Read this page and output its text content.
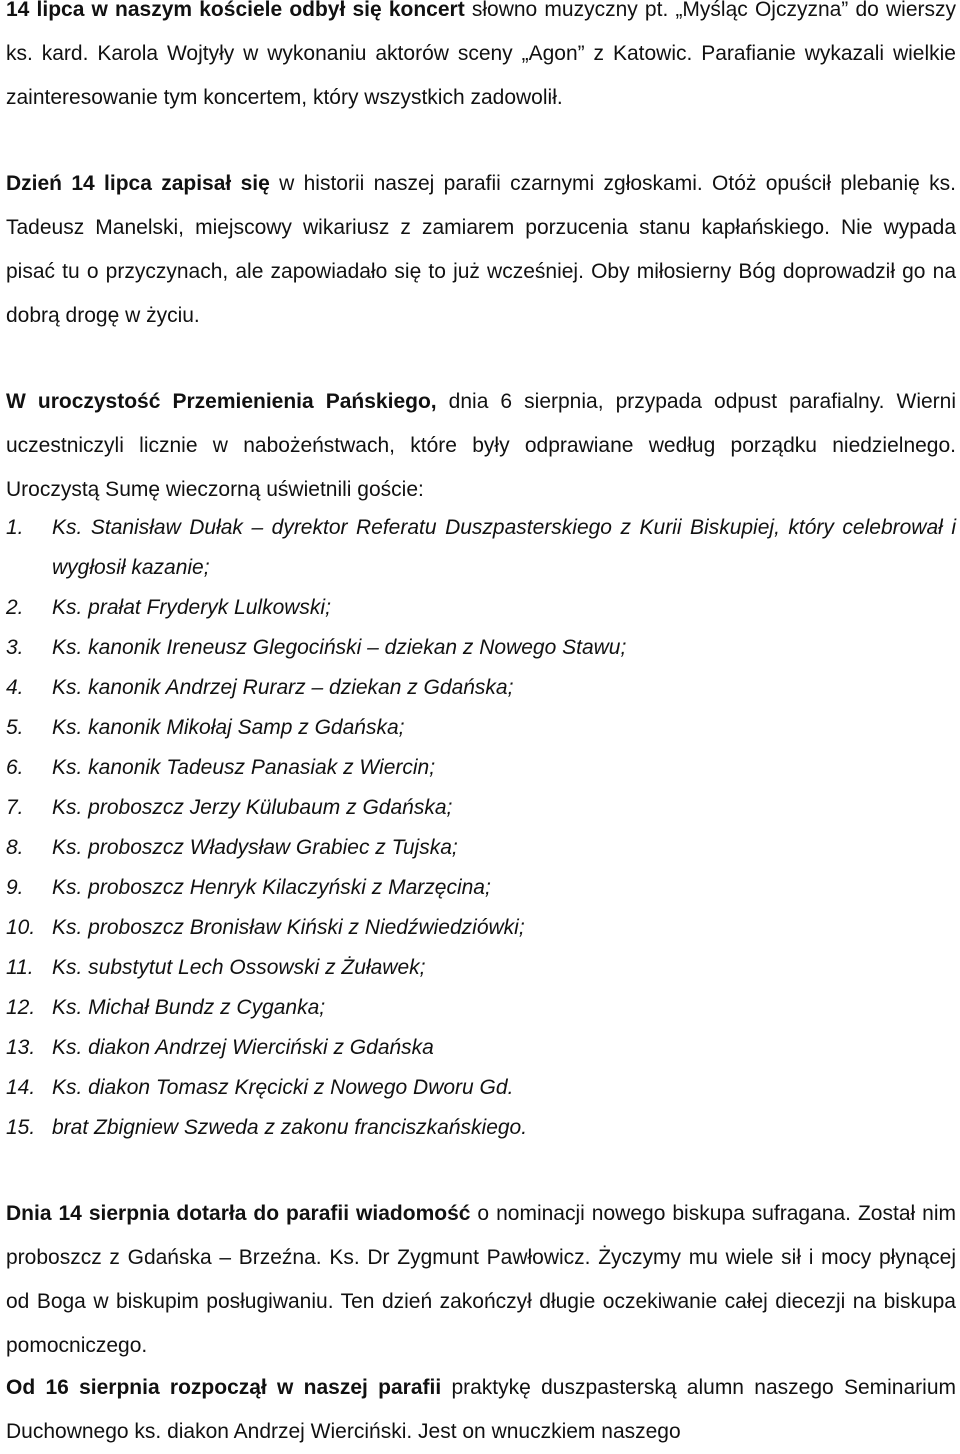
14 lipca w naszym kościele odbył się koncert słowno muzyczny pt. „Myśląc Ojczyzna” do wierszy ks. kard. Karola Wojtyły w wykonaniu aktorów sceny „Agon” z Katowic. Parafianie wykazali wielkie zainteresowanie tym koncertem, który wszystkich zadowolił.

Dzień 14 lipca zapisał się w historii naszej parafii czarnymi zgłoskami. Otóż opuścił plebanię ks. Tadeusz Manelski, miejscowy wikariusz z zamiarem porzucenia stanu kapłańskiego. Nie wypada pisać tu o przyczynach, ale zapowiadało się to już wcześniej. Oby miłosierny Bóg doprowadził go na dobrą drogę w życiu.

W uroczystość Przemienienia Pańskiego, dnia 6 sierpnia, przypada odpust parafialny. Wierni uczestniczyli licznie w nabożeństwach, które były odprawiane według porządku niedzielnego. Uroczystą Sumę wieczorną uświetnili goście:

1.	Ks. Stanisław Dułak – dyrektor Referatu Duszpasterskiego z Kurii Biskupiej, który celebrował i wygłosił kazanie;
2.	Ks. prałat Fryderyk Lulkowski;
3.	Ks. kanonik Ireneusz Glegociński – dziekan z Nowego Stawu;
4.	Ks. kanonik Andrzej Rurarz – dziekan z Gdańska;
5.	Ks. kanonik Mikołaj Samp z Gdańska;
6.	Ks. kanonik Tadeusz Panasiak z Wiercin;
7.	Ks. proboszcz Jerzy Külubaum z Gdańska;
8.	Ks. proboszcz Władysław Grabiec z Tujska;
9.	Ks. proboszcz Henryk Kilaczyński z Marzęcina;
10. Ks. proboszcz Bronisław Kiński z Niedźwiedziówki;
11. Ks. substytut Lech Ossowski z Żuławek;
12. Ks. Michał Bundz z Cyganka;
13. Ks. diakon Andrzej Wierciński z Gdańska
14. Ks. diakon Tomasz Kręcicki z Nowego Dworu Gd.
15. brat Zbigniew Szweda z zakonu franciszkańskiego.

Dnia 14 sierpnia dotarła do parafii wiadomość o nominacji nowego biskupa sufragana. Został nim proboszcz z Gdańska – Brzeźna. Ks. Dr Zygmunt Pawłowicz. Życzymy mu wiele sił i mocy płynącej od Boga w biskupim posługiwaniu. Ten dzień zakończył długie oczekiwanie całej diecezji na biskupa pomocniczego.

Od 16 sierpnia rozpoczął w naszej parafii praktykę duszpasterską alumn naszego Seminarium Duchownego ks. diakon Andrzej Wierciński. Jest on wnuczkiem naszego
